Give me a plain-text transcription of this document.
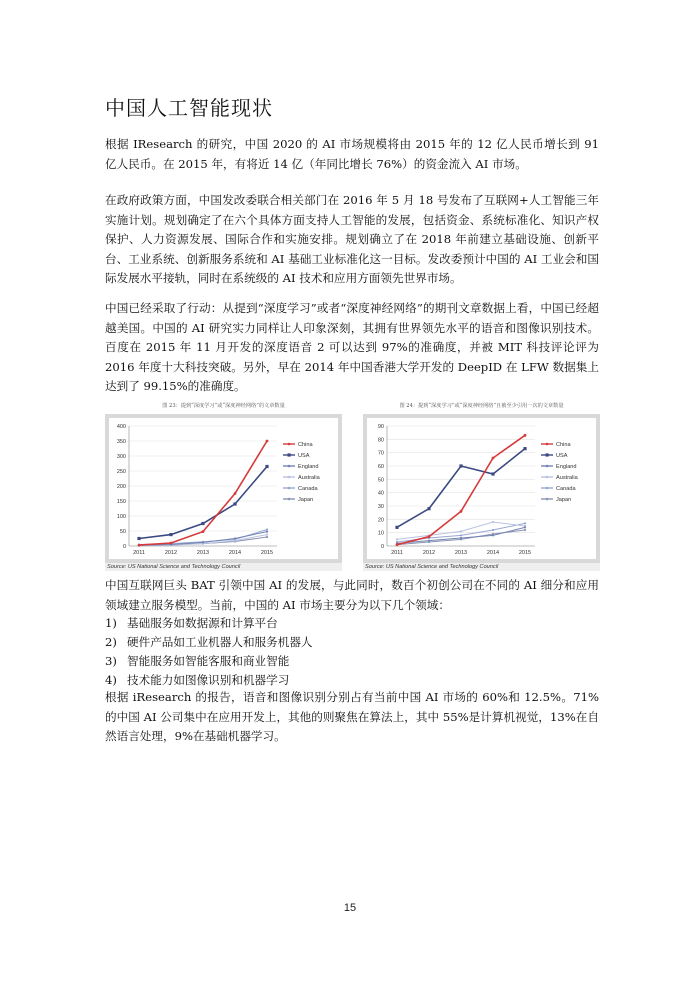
中国人工智能现状

根据 IResearch 的研究，中国 2020 的 AI 市场规模将由 2015 年的 12 亿人民币增长到 91 亿人民币。在 2015 年，有将近 14 亿（年同比增长 76%）的资金流入 AI 市场。

在政府政策方面，中国发改委联合相关部门在 2016 年 5 月 18 号发布了互联网+人工智能三年实施计划。规划确定了在六个具体方面支持人工智能的发展，包括资金、系统标准化、知识产权保护、人力资源发展、国际合作和实施安排。规划确立了在 2018 年前建立基础设施、创新平台、工业系统、创新服务系统和 AI 基础工业标准化这一目标。发改委预计中国的 AI 工业会和国际发展水平接轨，同时在系统级的 AI 技术和应用方面领先世界市场。

中国已经采取了行动：从提到“深度学习”或者“深度神经网络”的期刊文章数据上看，中国已经超越美国。中国的 AI 研究实力同样让人印象深刻，其拥有世界领先水平的语音和图像识别技术。百度在 2015 年 11 月开发的深度语音 2 可以达到 97%的准确度，并被 MIT 科技评论评为 2016 年度十大科技突破。另外，早在 2014 年中国香港大学开发的 DeepID 在 LFW 数据集上达到了 99.15%的准确度。

图 23：提到“深度学习”或“深度神经网络”的文章数量
0
50
100
150
200
250
300
350
400
2011	2012	2013	2014	2015
China
USA
England
Australia
Canada
Japan
Source: US National Science and Technology Council
图 24：提到“深度学习”或“深度神经网络”且被至少引用一次的文章数量
0
10
20
30
40
50
60
70
80
90
2011	2012	2013	2014	2015
China
USA
England
Australia
Canada
Japan
Source: US National Science and Technology Council

中国互联网巨头 BAT 引领中国 AI 的发展，与此同时，数百个初创公司在不同的 AI 细分和应用领域建立服务模型。当前，中国的 AI 市场主要分为以下几个领域：

1) 基础服务如数据源和计算平台
2) 硬件产品如工业机器人和服务机器人
3) 智能服务如智能客服和商业智能
4) 技术能力如图像识别和机器学习

根据 iResearch 的报告，语音和图像识别分别占有当前中国 AI 市场的 60%和 12.5%。71%的中国 AI 公司集中在应用开发上，其他的则聚焦在算法上，其中 55%是计算机视觉，13%在自然语言处理，9%在基础机器学习。

15
